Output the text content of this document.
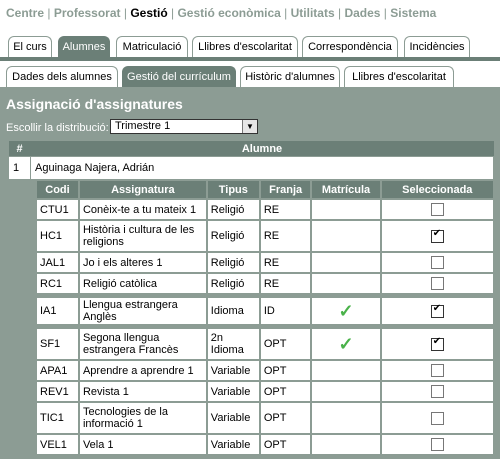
Centre | Professorat | Gestió | Gestió econòmica | Utilitats | Dades | Sistema
El curs	Alumnes	Matriculació	Llibres d'escolaritat	Correspondència	Incidències
Dades dels alumnes	Gestió del currículum	Històric d'alumnes	Llibres d'escolaritat
Assignació d'assignatures
Escollir la distribució: Trimestre 1	▼
#	Alumne
1	Aguinaga Najera, Adrián
Codi	Assignatura	Tipus	Franja	Matrícula	Seleccionada
CTU1	Conèix-te a tu mateix 1	Religió	RE		
HC1	Història i cultura de les religions	Religió	RE		✔
JAL1	Jo i els alteres 1	Religió	RE		
RC1	Religió catòlica	Religió	RE		

IA1	Llengua estrangera Anglès	Idioma	ID	✓	✔

SF1	Segona llengua estrangera Francès	2n Idioma	OPT	✓	✔
APA1	Aprendre a aprendre 1	Variable	OPT		
REV1	Revista 1	Variable	OPT		
TIC1	Tecnologies de la informació 1	Variable	OPT		
VEL1	Vela 1	Variable	OPT		
